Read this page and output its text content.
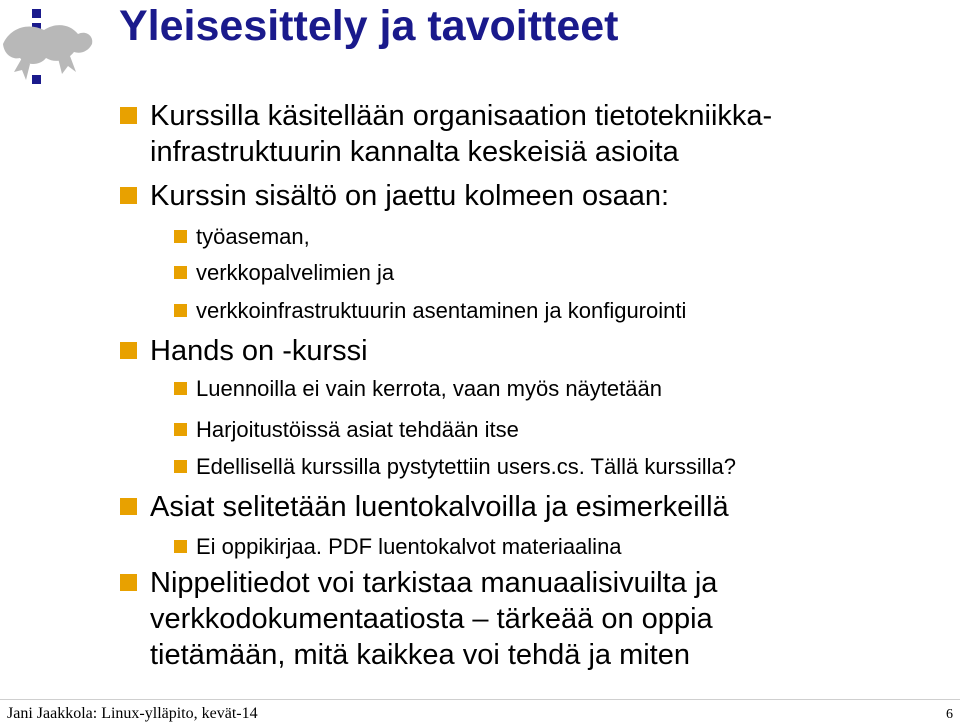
Yleisesittely ja tavoitteet
Kurssilla käsitellään organisaation tietotekniikka-
infrastruktuurin kannalta keskeisiä asioita
Kurssin sisältö on jaettu kolmeen osaan:
työaseman,
verkkopalvelimien ja
verkkoinfrastruktuurin asentaminen ja konfigurointi
Hands on -kurssi
Luennoilla ei vain kerrota, vaan myös näytetään
Harjoitustöissä asiat tehdään itse
Edellisellä kurssilla pystytettiin users.cs. Tällä kurssilla?
Asiat selitetään luentokalvoilla ja esimerkeillä
Ei oppikirjaa. PDF luentokalvot materiaalina
Nippelitiedot voi tarkistaa manuaalisivuilta ja
verkkodokumentaatiosta – tärkeää on oppia
tietämään, mitä kaikkea voi tehdä ja miten
Jani Jaakkola: Linux-ylläpito, kevät-14	6
